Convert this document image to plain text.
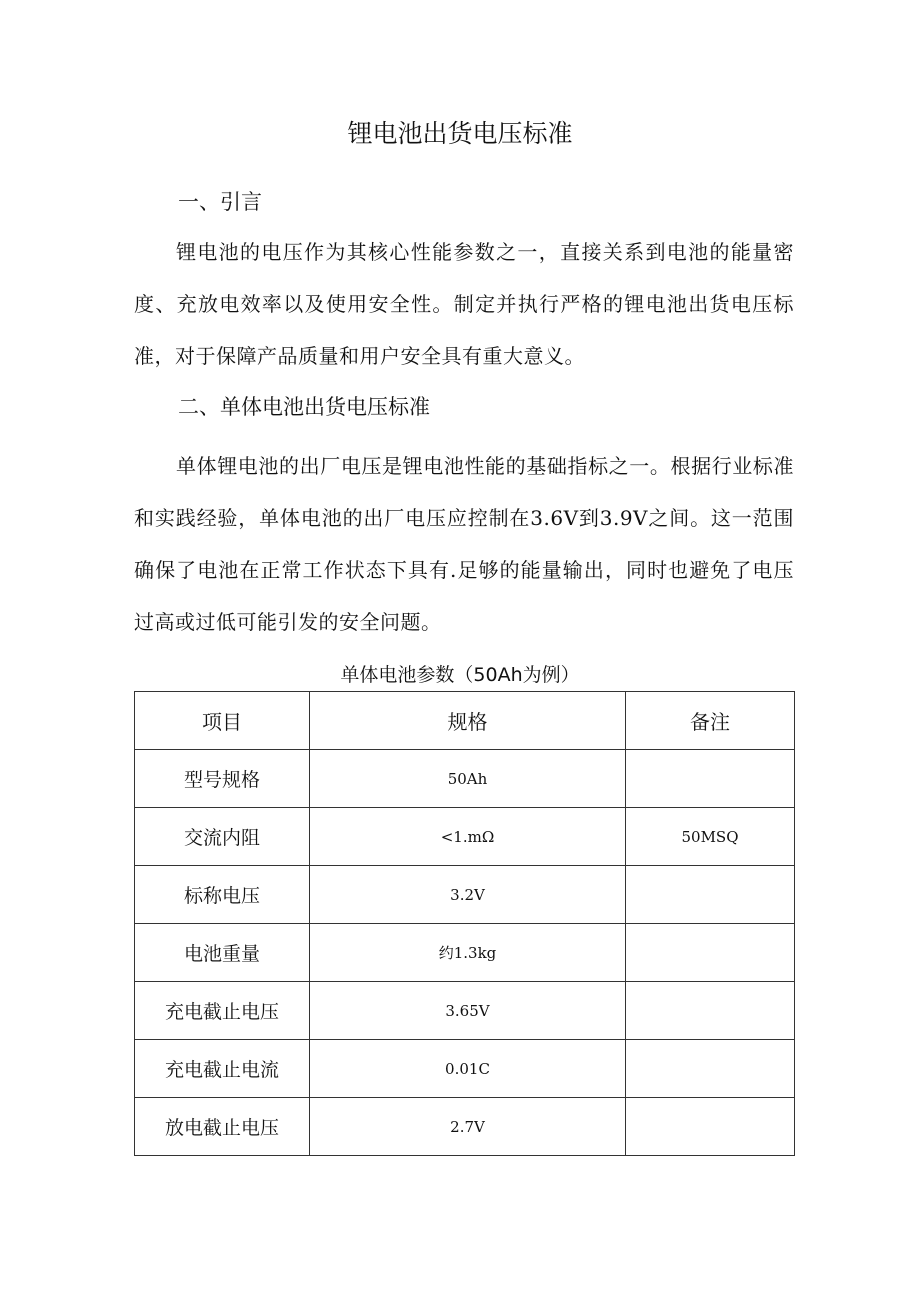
锂电池出货电压标准
一、引言

锂电池的电压作为其核心性能参数之一，直接关系到电池的能量密度、充放电效率以及使用安全性。制定并执行严格的锂电池出货电压标准，对于保障产品质量和用户安全具有重大意义。

二、单体电池出货电压标准

单体锂电池的出厂电压是锂电池性能的基础指标之一。根据行业标准和实践经验，单体电池的出厂电压应控制在3.6V到3.9V之间。这一范围确保了电池在正常工作状态下具有.足够的能量输出，同时也避免了电压过高或过低可能引发的安全问题。

单体电池参数（50Ah为例）
项目	规格	备注
型号规格	50Ah	
交流内阻	<1.mΩ	50MSQ
标称电压	3.2V	
电池重量	约1.3kg	
充电截止电压	3.65V	
充电截止电流	0.01C	
放电截止电压	2.7V	
